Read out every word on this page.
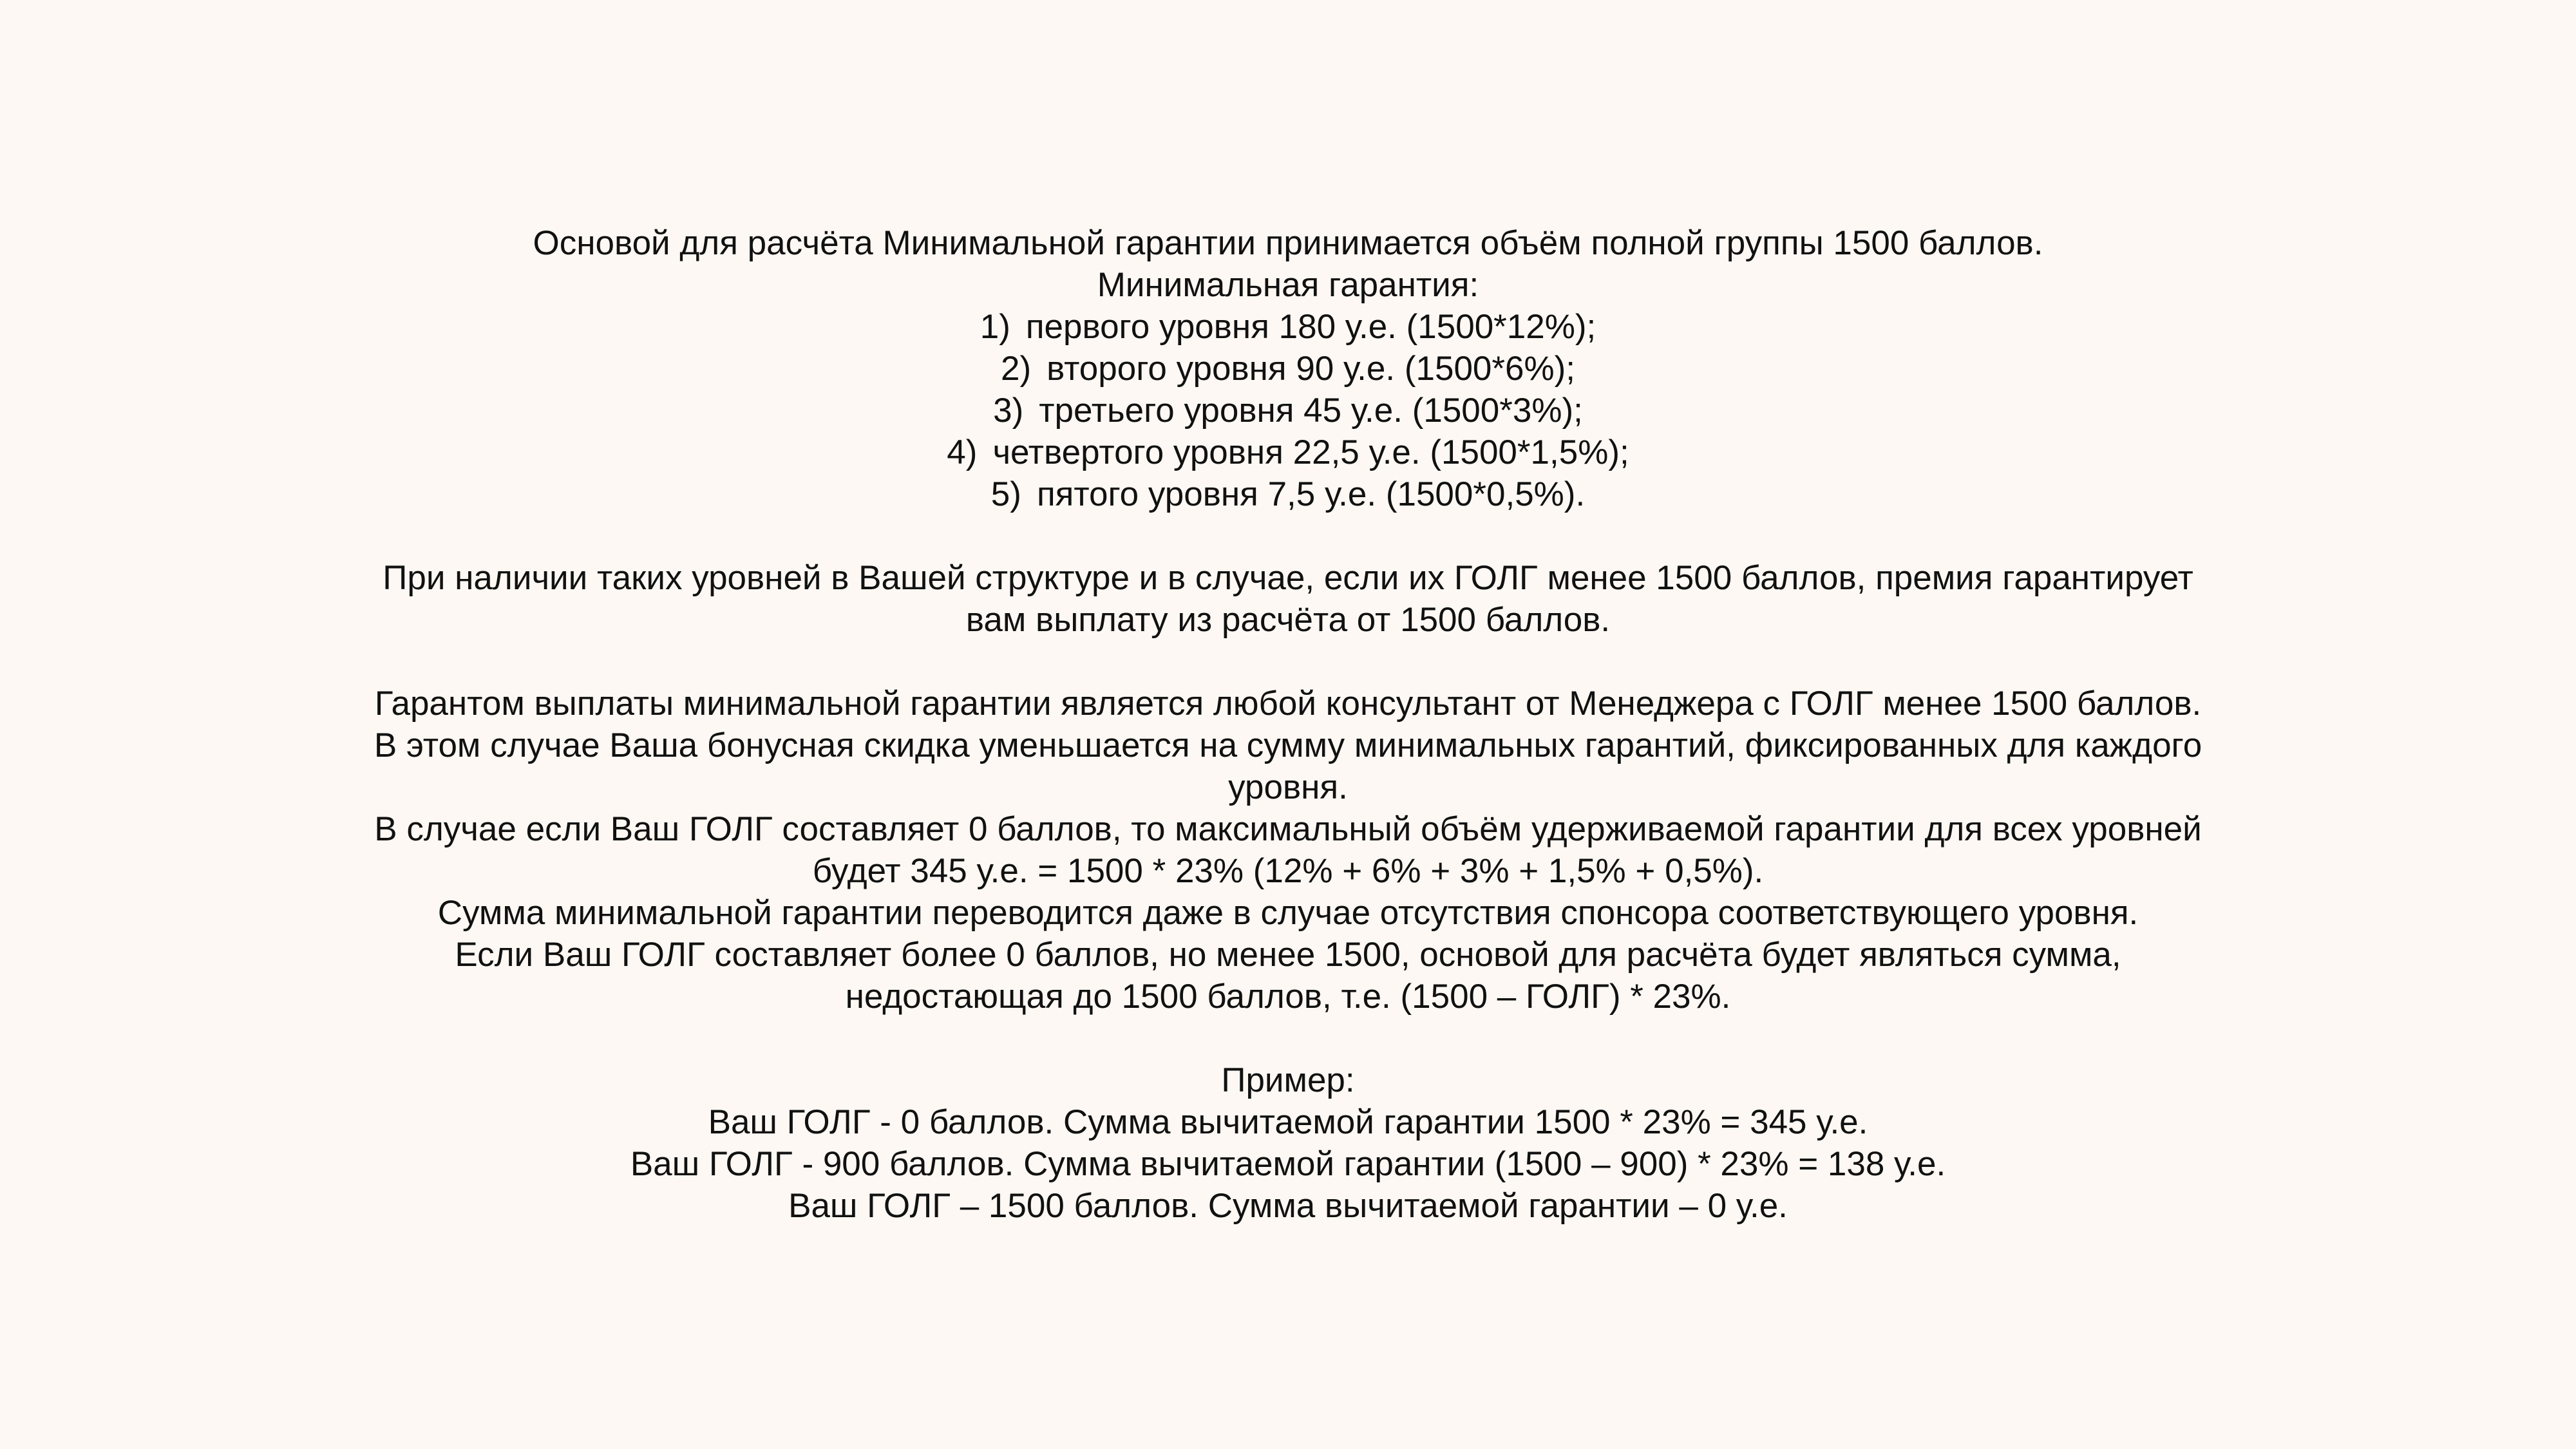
Основой для расчёта Минимальной гарантии принимается объём полной группы 1500 баллов.

Минимальная гарантия:

1) первого уровня 180 у.е. (1500*12%);
2) второго уровня 90 у.е. (1500*6%);
3) третьего уровня 45 у.е. (1500*3%);
4) четвертого уровня 22,5 у.е. (1500*1,5%);
5) пятого уровня 7,5 у.е. (1500*0,5%).

При наличии таких уровней в Вашей структуре и в случае, если их ГОЛГ менее 1500 баллов, премия гарантирует

вам выплату из расчёта от 1500 баллов.

Гарантом выплаты минимальной гарантии является любой консультант от Менеджера с ГОЛГ менее 1500 баллов.

В этом случае Ваша бонусная скидка уменьшается на сумму минимальных гарантий, фиксированных для каждого

уровня.

В случае если Ваш ГОЛГ составляет 0 баллов, то максимальный объём удерживаемой гарантии для всех уровней

будет 345 у.е. = 1500 * 23% (12% + 6% + 3% + 1,5% + 0,5%).

Сумма минимальной гарантии переводится даже в случае отсутствия спонсора соответствующего уровня.

Если Ваш ГОЛГ составляет более 0 баллов, но менее 1500, основой для расчёта будет являться сумма,

недостающая до 1500 баллов, т.е. (1500 – ГОЛГ) * 23%.

Пример:

Ваш ГОЛГ - 0 баллов. Сумма вычитаемой гарантии 1500 * 23% = 345 у.е.

Ваш ГОЛГ - 900 баллов. Сумма вычитаемой гарантии (1500 – 900) * 23% = 138 у.е.

Ваш ГОЛГ – 1500 баллов. Сумма вычитаемой гарантии – 0 у.е.
